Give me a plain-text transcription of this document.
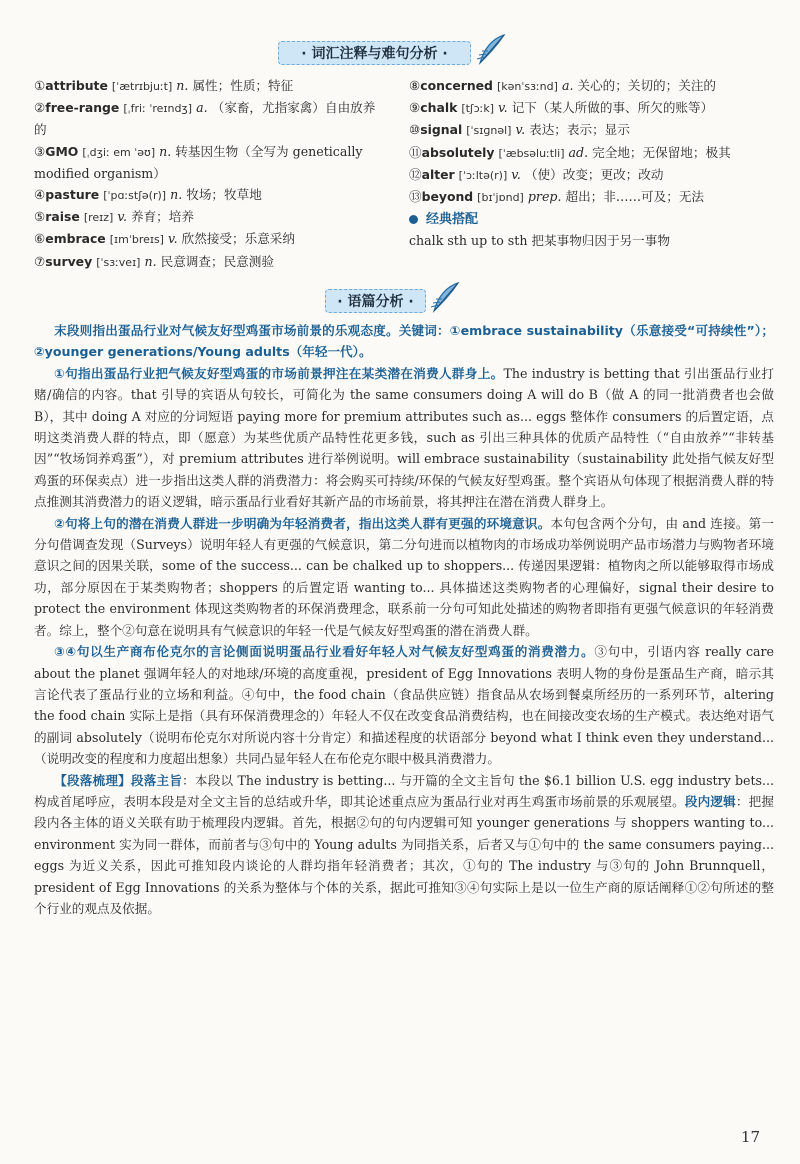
· 词汇注释与难句分析 ·
①attribute [ˈætrɪbjuːt] n. 属性；性质；特征
②free-range [ˌfriː ˈreɪndʒ] a. （家畜，尤指家禽）自由放养的
③GMO [ˌdʒiː em ˈəʊ] n. 转基因生物（全写为 genetically modified organism）
④pasture [ˈpɑːstʃə(r)] n. 牧场；牧草地
⑤raise [reɪz] v. 养育；培养
⑥embrace [ɪmˈbreɪs] v. 欣然接受；乐意采纳
⑦survey [ˈsɜːveɪ] n. 民意调查；民意测验
⑧concerned [kənˈsɜːnd] a. 关心的；关切的；关注的
⑨chalk [tʃɔːk] v. 记下（某人所做的事、所欠的账等）
⑩signal [ˈsɪɡnəl] v. 表达；表示；显示
⑪absolutely [ˈæbsəluːtli] ad. 完全地；无保留地；极其
⑫alter [ˈɔːltə(r)] v. （使）改变；更改；改动
⑬beyond [bɪˈjɒnd] prep. 超出；非……可及；无法
经典搭配
chalk sth up to sth 把某事物归因于另一事物
· 语篇分析 ·

末段则指出蛋品行业对气候友好型鸡蛋市场前景的乐观态度。关键词：①embrace sustainability（乐意接受“可持续性”）；②younger generations/Young adults（年轻一代）。

①句指出蛋品行业把气候友好型鸡蛋的市场前景押注在某类潜在消费人群身上。The industry is betting that 引出蛋品行业打赌/确信的内容。that 引导的宾语从句较长，可简化为 the same consumers doing A will do B（做 A 的同一批消费者也会做 B），其中 doing A 对应的分词短语 paying more for premium attributes such as... eggs 整体作 consumers 的后置定语，点明这类消费人群的特点，即（愿意）为某些优质产品特性花更多钱，such as 引出三种具体的优质产品特性（“自由放养”“非转基因”“牧场饲养鸡蛋”），对 premium attributes 进行举例说明。will embrace sustainability（sustainability 此处指气候友好型鸡蛋的环保卖点）进一步指出这类人群的消费潜力：将会购买可持续/环保的气候友好型鸡蛋。整个宾语从句体现了根据消费人群的特点推测其消费潜力的语义逻辑，暗示蛋品行业看好其新产品的市场前景，将其押注在潜在消费人群身上。

②句将上句的潜在消费人群进一步明确为年轻消费者，指出这类人群有更强的环境意识。本句包含两个分句，由 and 连接。第一分句借调查发现（Surveys）说明年轻人有更强的气候意识，第二分句进而以植物肉的市场成功举例说明产品市场潜力与购物者环境意识之间的因果关联，some of the success... can be chalked up to shoppers... 传递因果逻辑：植物肉之所以能够取得市场成功，部分原因在于某类购物者；shoppers 的后置定语 wanting to... 具体描述这类购物者的心理偏好，signal their desire to protect the environment 体现这类购物者的环保消费理念，联系前一分句可知此处描述的购物者即指有更强气候意识的年轻消费者。综上，整个②句意在说明具有气候意识的年轻一代是气候友好型鸡蛋的潜在消费人群。

③④句以生产商布伦克尔的言论侧面说明蛋品行业看好年轻人对气候友好型鸡蛋的消费潜力。③句中，引语内容 really care about the planet 强调年轻人的对地球/环境的高度重视，president of Egg Innovations 表明人物的身份是蛋品生产商，暗示其言论代表了蛋品行业的立场和利益。④句中，the food chain（食品供应链）指食品从农场到餐桌所经历的一系列环节，altering the food chain 实际上是指（具有环保消费理念的）年轻人不仅在改变食品消费结构，也在间接改变农场的生产模式。表达绝对语气的副词 absolutely（说明布伦克尔对所说内容十分肯定）和描述程度的状语部分 beyond what I think even they understand...（说明改变的程度和力度超出想象）共同凸显年轻人在布伦克尔眼中极具消费潜力。

【段落梳理】段落主旨：本段以 The industry is betting... 与开篇的全文主旨句 the $6.1 billion U.S. egg industry bets... 构成首尾呼应，表明本段是对全文主旨的总结或升华，即其论述重点应为蛋品行业对再生鸡蛋市场前景的乐观展望。段内逻辑：把握段内各主体的语义关联有助于梳理段内逻辑。首先，根据②句的句内逻辑可知 younger generations 与 shoppers wanting to... environment 实为同一群体，而前者与③句中的 Young adults 为同指关系，后者又与①句中的 the same consumers paying... eggs 为近义关系，因此可推知段内谈论的人群均指年轻消费者；其次，①句的 The industry 与③句的 John Brunnquell，president of Egg Innovations 的关系为整体与个体的关系，据此可推知③④句实际上是以一位生产商的原话阐释①②句所述的整个行业的观点及依据。

17
